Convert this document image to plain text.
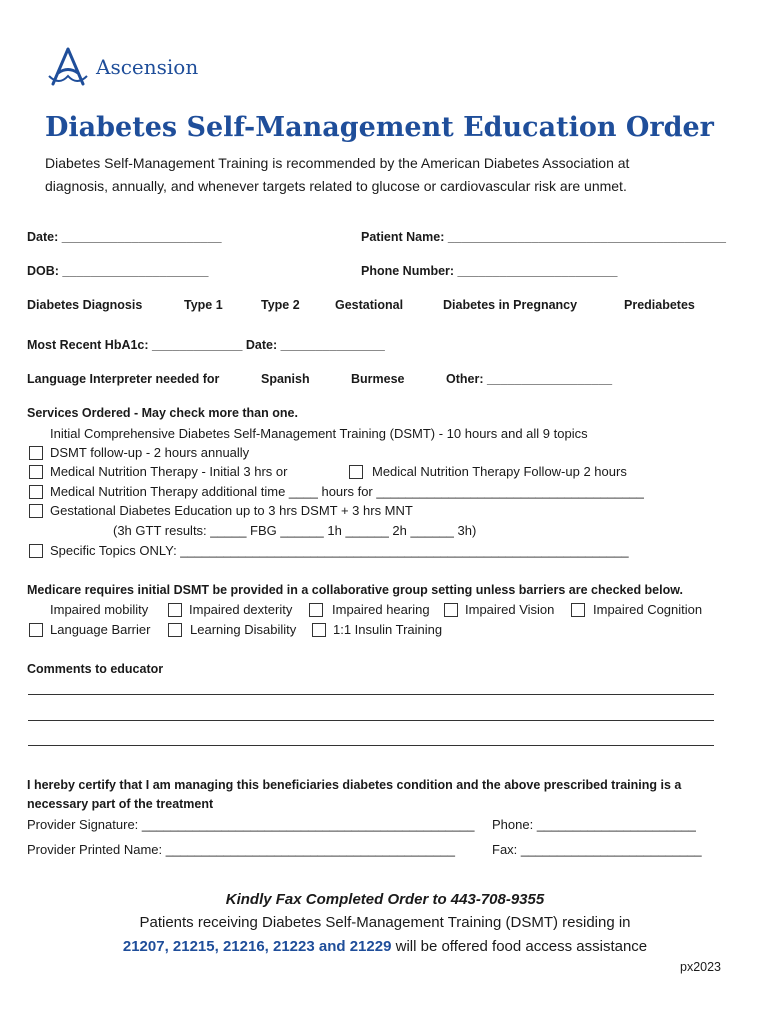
Ascension
Diabetes Self-Management Education Order
Diabetes Self-Management Training is recommended by the American Diabetes Association at
diagnosis, annually, and whenever targets related to glucose or cardiovascular risk are unmet.
Date: _______________________	Patient Name: ________________________________________
DOB: _____________________	Phone Number: _______________________
Diabetes Diagnosis	Type 1	Type 2	Gestational	Diabetes in Pregnancy	Prediabetes
Most Recent HbA1c: _____________ Date: _______________
Language Interpreter needed for	Spanish	Burmese	Other: __________________
Services Ordered - May check more than one.
Initial Comprehensive Diabetes Self-Management Training (DSMT) - 10 hours and all 9 topics
DSMT follow-up - 2 hours annually
Medical Nutrition Therapy - Initial 3 hrs or	Medical Nutrition Therapy Follow-up 2 hours
Medical Nutrition Therapy additional time ____ hours for _____________________________________
Gestational Diabetes Education up to 3 hrs DSMT + 3 hrs MNT
(3h GTT results: _____ FBG ______ 1h ______ 2h ______ 3h)
Specific Topics ONLY: ______________________________________________________________
Medicare requires initial DSMT be provided in a collaborative group setting unless barriers are checked below.
Impaired mobility	Impaired dexterity	Impaired hearing	Impaired Vision	Impaired Cognition
Language Barrier	Learning Disability	1:1 Insulin Training
Comments to educator
I hereby certify that I am managing this beneficiaries diabetes condition and the above prescribed training is a
necessary part of the treatment
Provider Signature: ______________________________________________ Phone: ______________________
Provider Printed Name: ________________________________________	Fax: _________________________
Kindly Fax Completed Order to 443-708-9355
Patients receiving Diabetes Self-Management Training (DSMT) residing in
21207, 21215, 21216, 21223 and 21229 will be offered food access assistance
px2023
